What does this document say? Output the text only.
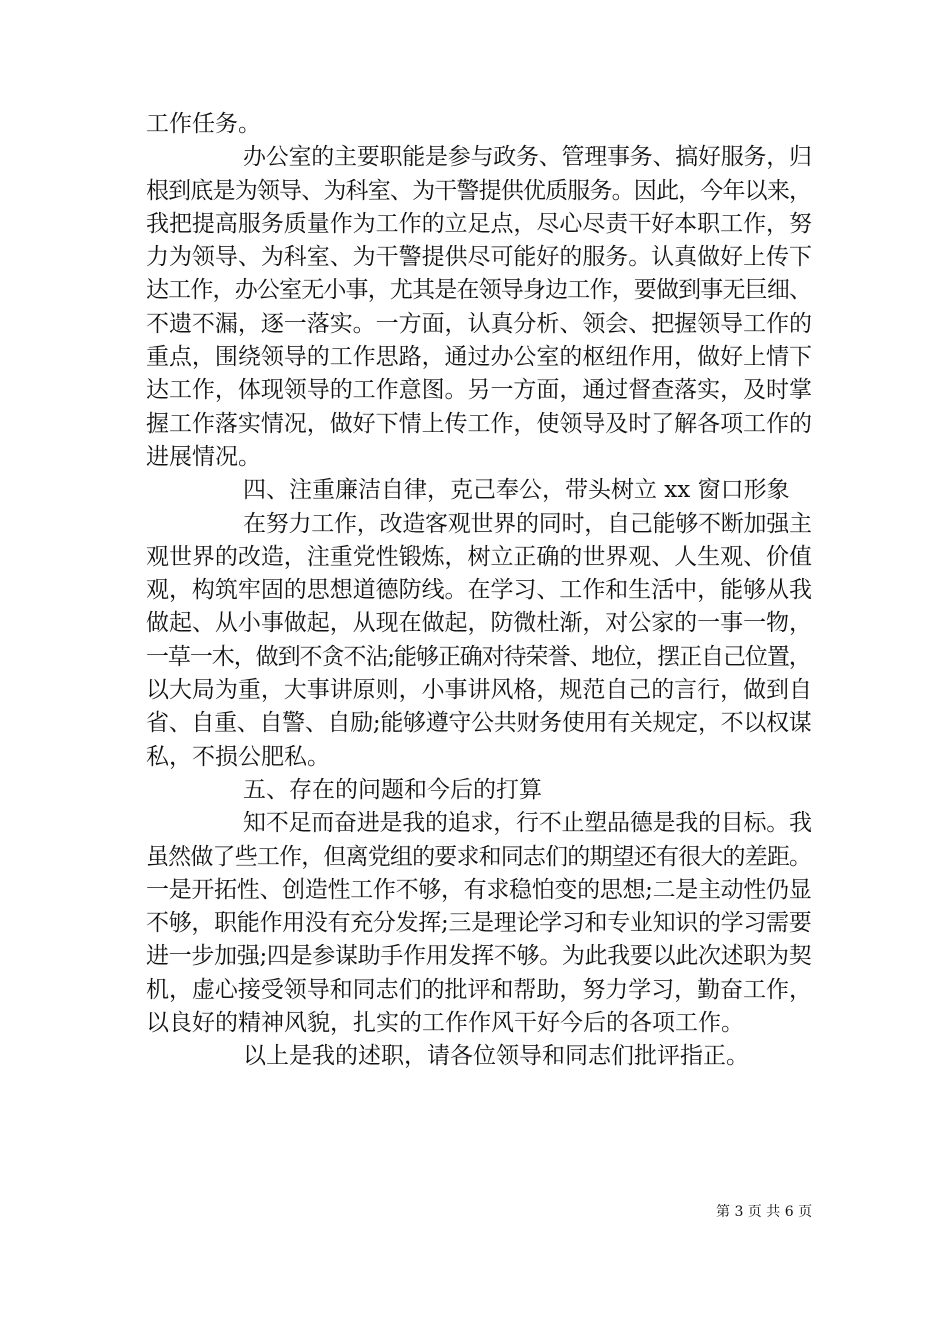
工作任务。
办公室的主要职能是参与政务、管理事务、搞好服务，归
根到底是为领导、为科室、为干警提供优质服务。因此，今年以来，
我把提高服务质量作为工作的立足点，尽心尽责干好本职工作，努
力为领导、为科室、为干警提供尽可能好的服务。认真做好上传下
达工作，办公室无小事，尤其是在领导身边工作，要做到事无巨细、
不遗不漏，逐一落实。一方面，认真分析、领会、把握领导工作的
重点，围绕领导的工作思路，通过办公室的枢纽作用，做好上情下
达工作，体现领导的工作意图。另一方面，通过督查落实，及时掌
握工作落实情况，做好下情上传工作，使领导及时了解各项工作的
进展情况。
四、注重廉洁自律，克己奉公，带头树立 xx 窗口形象
在努力工作，改造客观世界的同时，自己能够不断加强主
观世界的改造，注重党性锻炼，树立正确的世界观、人生观、价值
观，构筑牢固的思想道德防线。在学习、工作和生活中，能够从我
做起、从小事做起，从现在做起，防微杜渐，对公家的一事一物，
一草一木，做到不贪不沾;能够正确对待荣誉、地位，摆正自己位置，
以大局为重，大事讲原则，小事讲风格，规范自己的言行，做到自
省、自重、自警、自励;能够遵守公共财务使用有关规定，不以权谋
私，不损公肥私。
五、存在的问题和今后的打算
知不足而奋进是我的追求，行不止塑品德是我的目标。我
虽然做了些工作，但离党组的要求和同志们的期望还有很大的差距。
一是开拓性、创造性工作不够，有求稳怕变的思想;二是主动性仍显
不够，职能作用没有充分发挥;三是理论学习和专业知识的学习需要
进一步加强;四是参谋助手作用发挥不够。为此我要以此次述职为契
机，虚心接受领导和同志们的批评和帮助，努力学习，勤奋工作，
以良好的精神风貌，扎实的工作作风干好今后的各项工作。
以上是我的述职，请各位领导和同志们批评指正。
第 3 页 共 6 页
